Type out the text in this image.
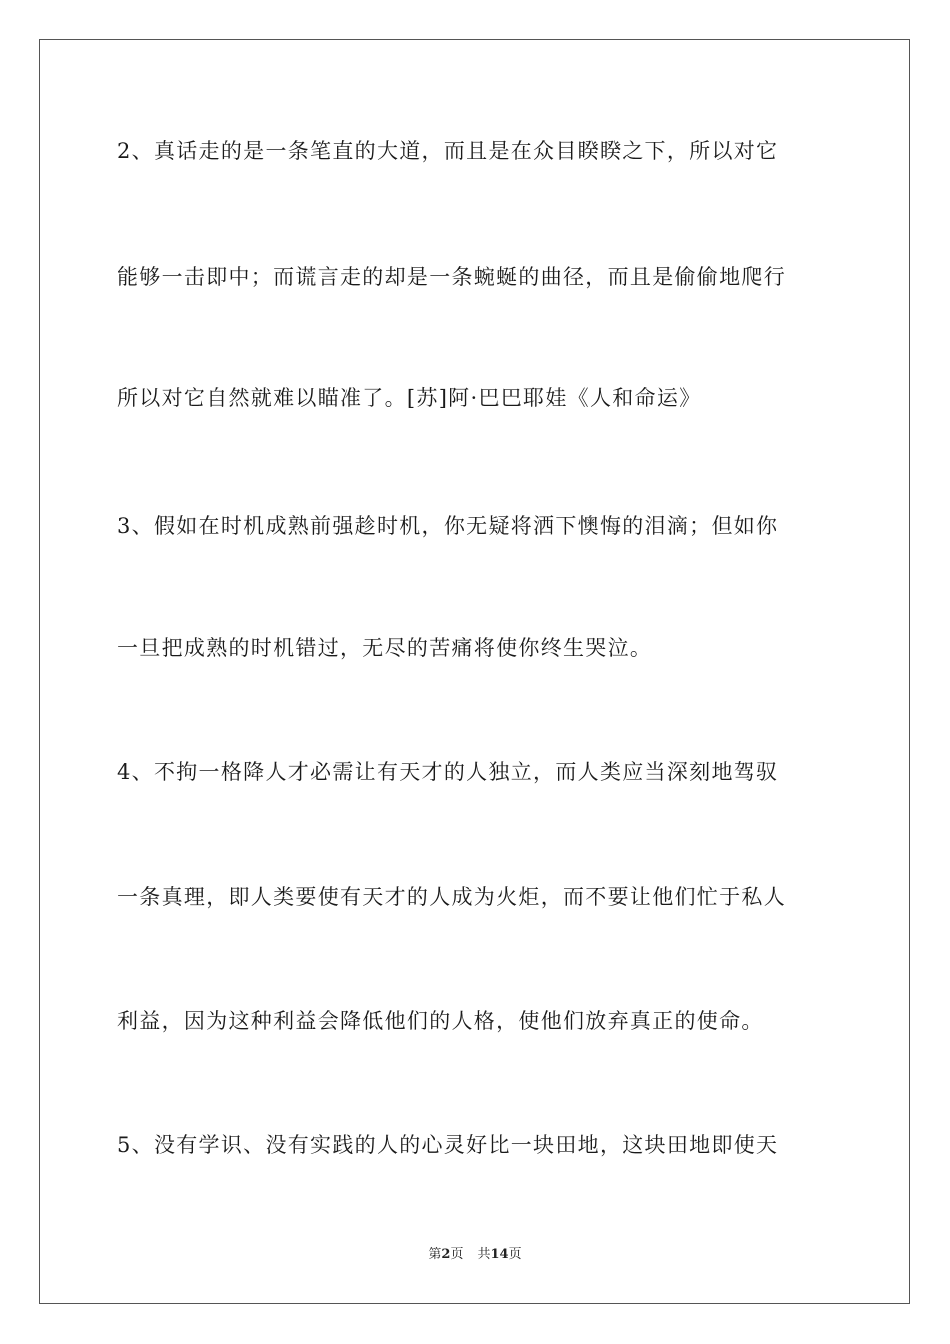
2、真话走的是一条笔直的大道，而且是在众目睽睽之下，所以对它
能够一击即中；而谎言走的却是一条蜿蜒的曲径，而且是偷偷地爬行
所以对它自然就难以瞄准了。[苏]阿·巴巴耶娃《人和命运》
3、假如在时机成熟前强趁时机，你无疑将洒下懊悔的泪滴；但如你
一旦把成熟的时机错过，无尽的苦痛将使你终生哭泣。
4、不拘一格降人才必需让有天才的人独立，而人类应当深刻地驾驭
一条真理，即人类要使有天才的人成为火炬，而不要让他们忙于私人
利益，因为这种利益会降低他们的人格，使他们放弃真正的使命。
5、没有学识、没有实践的人的心灵好比一块田地，这块田地即使天
第2页 共14页
